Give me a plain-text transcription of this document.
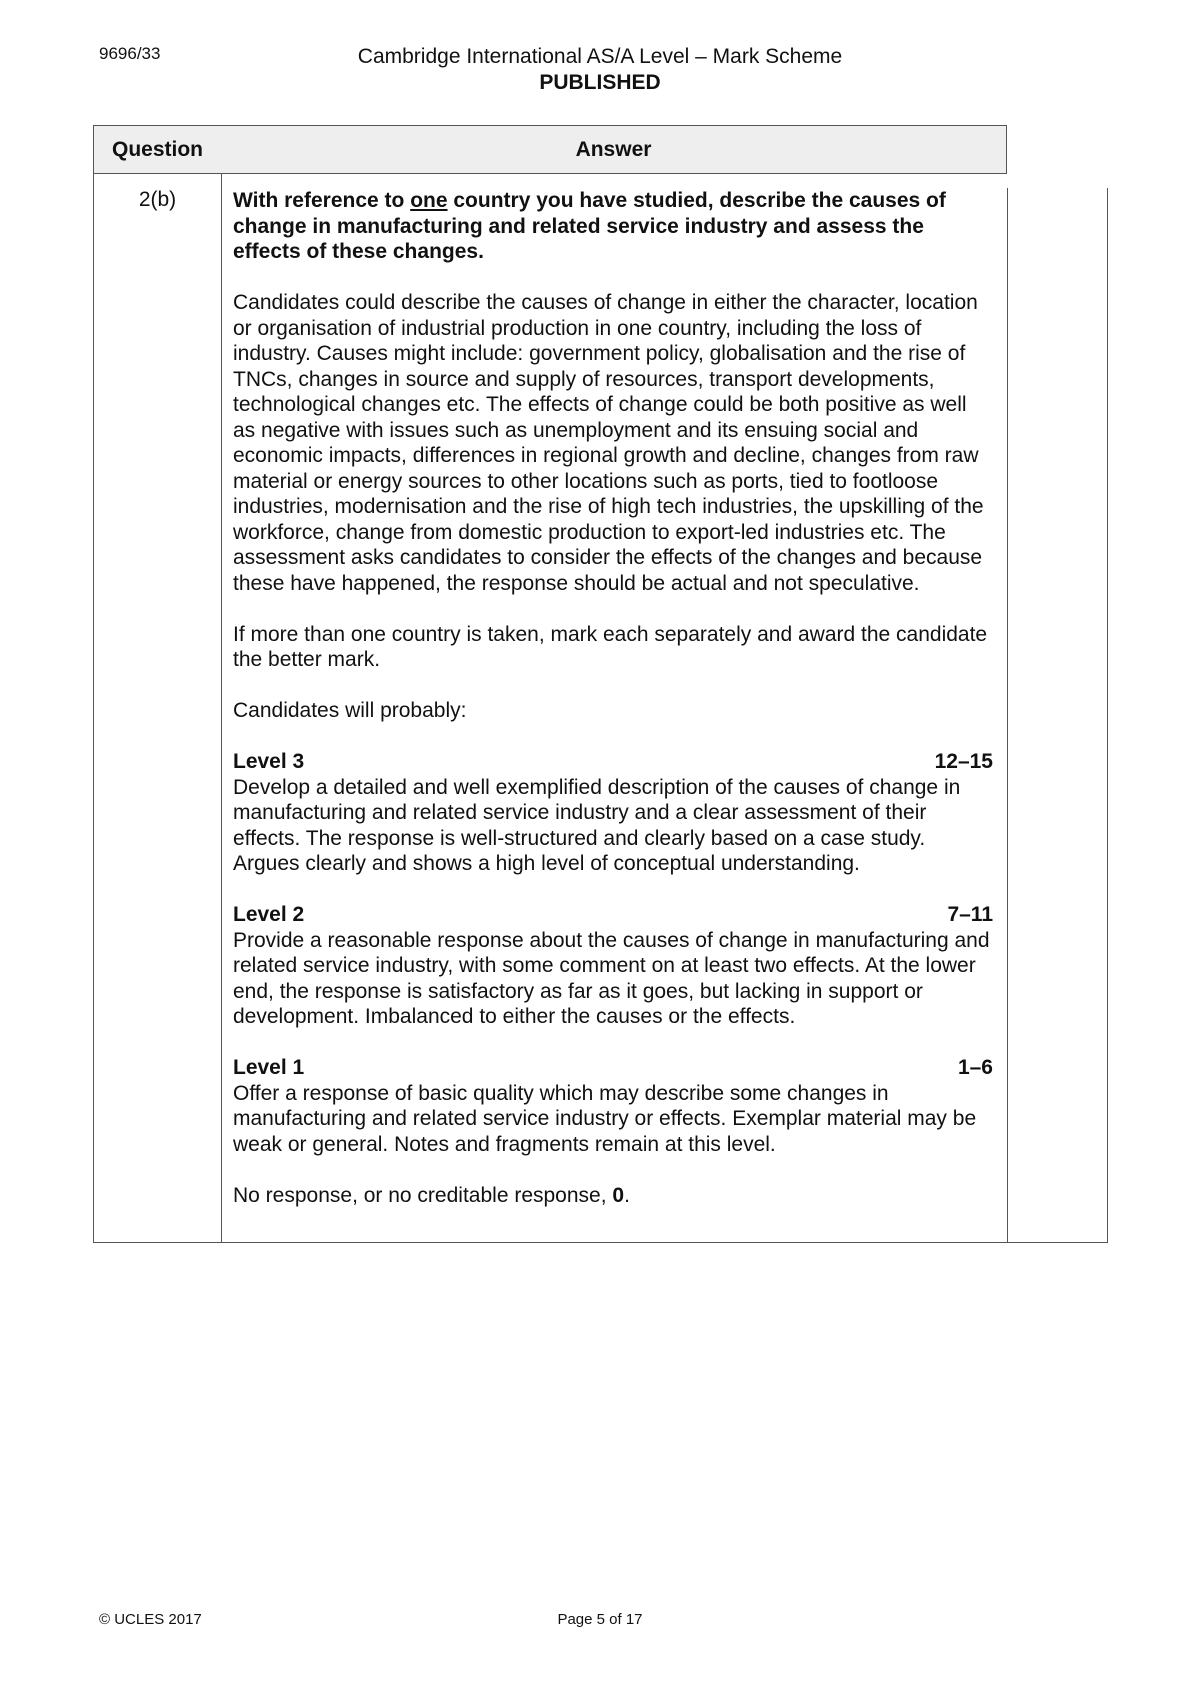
9696/33	Cambridge International AS/A Level – Mark Scheme
PUBLISHED
Question	Answer
2(b)	With reference to one country you have studied, describe the causes of change in manufacturing and related service industry and assess the effects of these changes.

Candidates could describe the causes of change in either the character, location or organisation of industrial production in one country, including the loss of industry. Causes might include: government policy, globalisation and the rise of TNCs, changes in source and supply of resources, transport developments, technological changes etc. The effects of change could be both positive as well as negative with issues such as unemployment and its ensuing social and economic impacts, differences in regional growth and decline, changes from raw material or energy sources to other locations such as ports, tied to footloose industries, modernisation and the rise of high tech industries, the upskilling of the workforce, change from domestic production to export-led industries etc. The assessment asks candidates to consider the effects of the changes and because these have happened, the response should be actual and not speculative.

If more than one country is taken, mark each separately and award the candidate the better mark.

Candidates will probably:

Level 3	12–15
Develop a detailed and well exemplified description of the causes of change in manufacturing and related service industry and a clear assessment of their effects. The response is well-structured and clearly based on a case study. Argues clearly and shows a high level of conceptual understanding.
Level 2	7–11
Provide a reasonable response about the causes of change in manufacturing and related service industry, with some comment on at least two effects. At the lower end, the response is satisfactory as far as it goes, but lacking in support or development. Imbalanced to either the causes or the effects.
Level 1	1–6
Offer a response of basic quality which may describe some changes in manufacturing and related service industry or effects. Exemplar material may be weak or general. Notes and fragments remain at this level.

No response, or no creditable response, 0.

© UCLES 2017	Page 5 of 17
